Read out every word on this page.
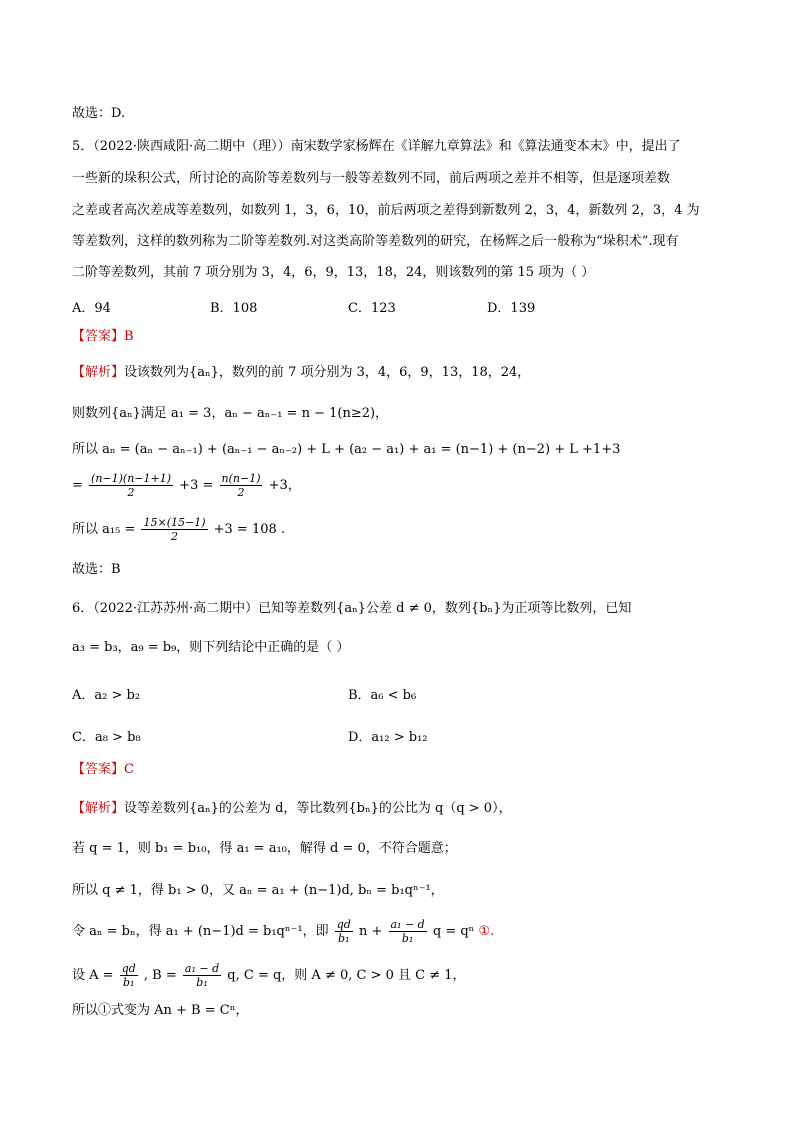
故选：D.
5．（2022·陕西咸阳·高二期中（理））南宋数学家杨辉在《详解九章算法》和《算法通变本末》中，提出了
一些新的垛积公式，所讨论的高阶等差数列与一般等差数列不同，前后两项之差并不相等，但是逐项差数
之差或者高次差成等差数列，如数列 1，3，6，10，前后两项之差得到新数列 2，3，4，新数列 2，3，4 为
等差数列，这样的数列称为二阶等差数列.对这类高阶等差数列的研究，在杨辉之后一般称为“垛积术”.现有
二阶等差数列，其前 7 项分别为 3，4，6，9，13，18，24，则该数列的第 15 项为（ ）
A．94	B．108	C．123	D．139
【答案】B
【解析】设该数列为{aₙ}，数列的前 7 项分别为 3，4，6，9，13，18，24，
则数列{aₙ}满足 a₁ = 3，aₙ − aₙ₋₁ = n − 1(n≥2)，
所以 aₙ = (aₙ − aₙ₋₁) + (aₙ₋₁ − aₙ₋₂) + L + (a₂ − a₁) + a₁ = (n−1) + (n−2) + L +1+3
= $\frac{(n-1)(n-1+1)}{2} +3 = \frac{n(n-1)}{2} +3$，
所以 $a_{15} = \frac{15\times(15-1)}{2} +3 = 108$ .
故选：B
6．（2022·江苏苏州·高二期中）已知等差数列{aₙ}公差 d ≠ 0，数列{bₙ}为正项等比数列，已知
a₃ = b₃，a₉ = b₉，则下列结论中正确的是（ ）
A．a₂ > b₂	B．a₆ < b₆
C．a₈ > b₈	D．a₁₂ > b₁₂
【答案】C
【解析】设等差数列{aₙ}的公差为 d，等比数列{bₙ}的公比为 q（q > 0），
若 q = 1，则 b₁ = b₁₀，得 a₁ = a₁₀，解得 d = 0，不符合题意；
所以 q ≠ 1，得 b₁ > 0，又 aₙ = a₁ + (n−1)d, bₙ = b₁qⁿ⁻¹，
令 aₙ = bₙ，得 a₁ + (n−1)d = b₁qⁿ⁻¹，即 $\frac{qd}{\text{b₁}}$ $n + \frac{\text{a₁ − d}}{\text{b₁}}$ q = qⁿ ①.
设 $A = \frac{qd}{\text{b₁}}$ , $B = \frac{\text{a₁ − d}}{\text{b₁}} q$, C = q，则 A ≠ 0, C > 0 且 C ≠ 1，
所以①式变为 An + B = Cⁿ，
